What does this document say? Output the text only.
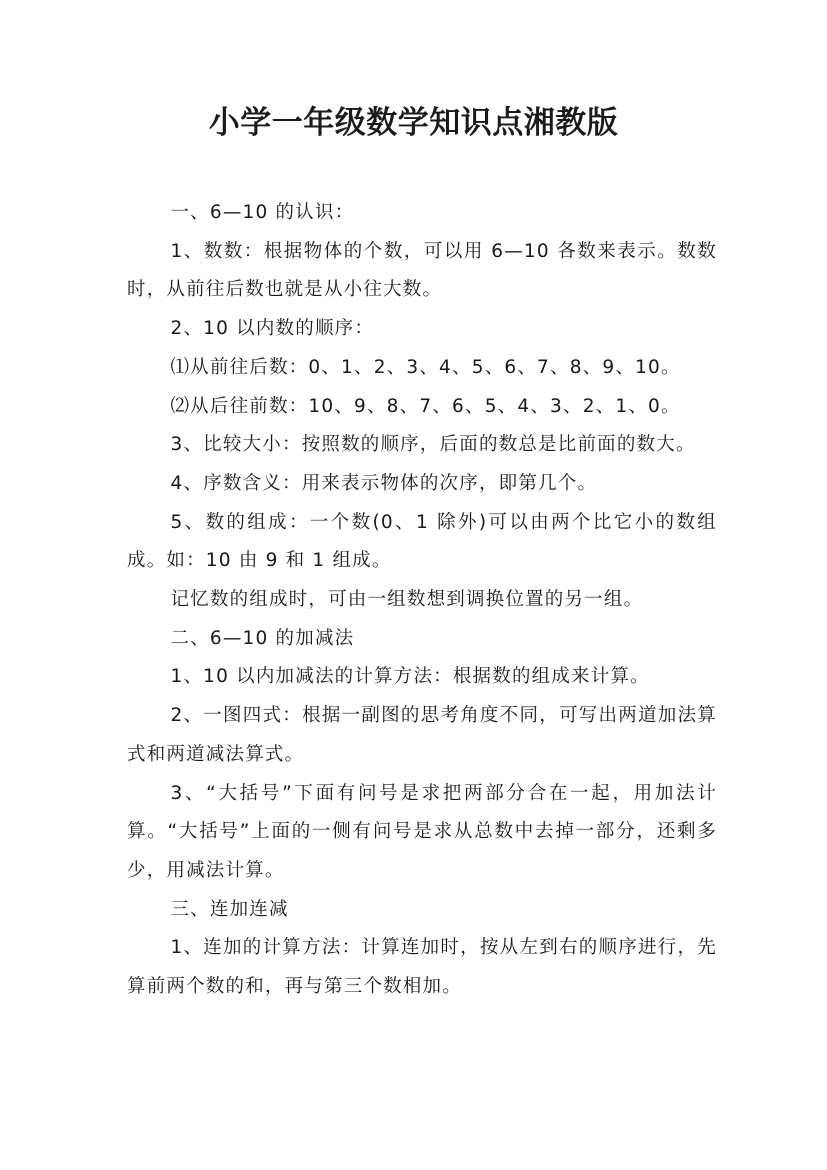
小学一年级数学知识点湘教版

一、6—10 的认识：

1、数数：根据物体的个数，可以用 6—10 各数来表示。数数时，从前往后数也就是从小往大数。

2、10 以内数的顺序：

⑴从前往后数：0、1、2、3、4、5、6、7、8、9、10。

⑵从后往前数：10、9、8、7、6、5、4、3、2、1、0。

3、比较大小：按照数的顺序，后面的数总是比前面的数大。

4、序数含义：用来表示物体的次序，即第几个。

5、数的组成：一个数(0、1 除外)可以由两个比它小的数组成。如：10 由 9 和 1 组成。

记忆数的组成时，可由一组数想到调换位置的另一组。

二、6—10 的加减法

1、10 以内加减法的计算方法：根据数的组成来计算。

2、一图四式：根据一副图的思考角度不同，可写出两道加法算式和两道减法算式。

3、“大括号”下面有问号是求把两部分合在一起，用加法计算。“大括号”上面的一侧有问号是求从总数中去掉一部分，还剩多少，用减法计算。

三、连加连减

1、连加的计算方法：计算连加时，按从左到右的顺序进行，先算前两个数的和，再与第三个数相加。
